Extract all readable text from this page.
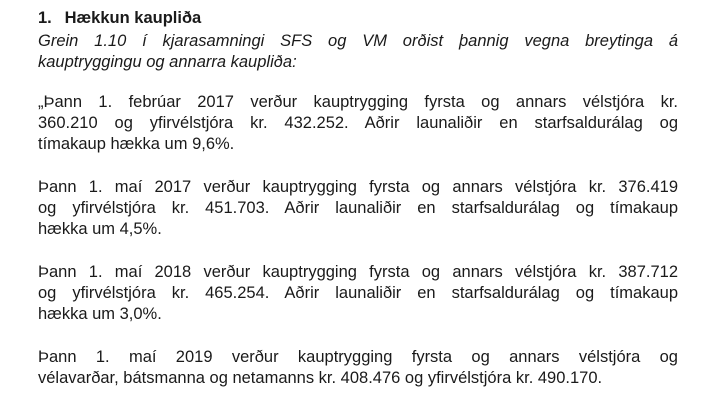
1. Hækkun kaupliða
Grein 1.10 í kjarasamningi SFS og VM orðist þannig vegna breytinga á
kauptryggingu og annarra kaupliða:
„Þann 1. febrúar 2017 verður kauptrygging fyrsta og annars vélstjóra kr.
360.210 og yfirvélstjóra kr. 432.252. Aðrir launaliðir en starfsaldurálag og
tímakaup hækka um 9,6%.
Þann 1. maí 2017 verður kauptrygging fyrsta og annars vélstjóra kr. 376.419
og yfirvélstjóra kr. 451.703. Aðrir launaliðir en starfsaldurálag og tímakaup
hækka um 4,5%.
Þann 1. maí 2018 verður kauptrygging fyrsta og annars vélstjóra kr. 387.712
og yfirvélstjóra kr. 465.254. Aðrir launaliðir en starfsaldurálag og tímakaup
hækka um 3,0%.
Þann 1. maí 2019 verður kauptrygging fyrsta og annars vélstjóra og
vélavarðar, bátsmanna og netamanns kr. 408.476 og yfirvélstjóra kr. 490.170.
